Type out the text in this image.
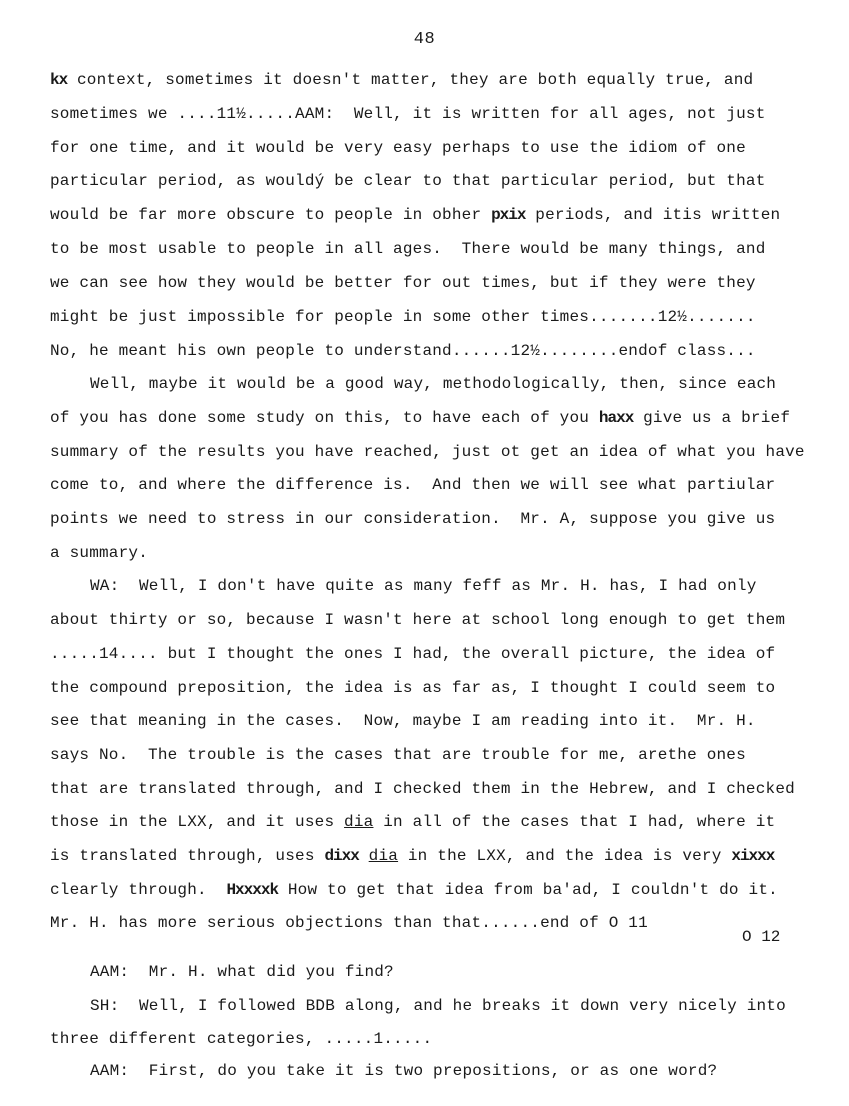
48
kx context, sometimes it doesn't matter, they are both equally true, and
sometimes we ....11½.....AAM:  Well, it is written for all ages, not just
for one time, and it would be very easy perhaps to use the idiom of one
particular period, as wouldý be clear to that particular period, but that
would be far more obscure to people in obher pxix periods, and itis written
to be most usable to people in all ages.  There would be many things, and
we can see how they would be better for out times, but if they were they
might be just impossible for people in some other times.......12½.......
No, he meant his own people to understand......12½........endof class...
Well, maybe it would be a good way, methodologically, then, since each
of you has done some study on this, to have each of you haxx give us a brief
summary of the results you have reached, just ot get an idea of what you have
come to, and where the difference is.  And then we will see what partiular
points we need to stress in our consideration.  Mr. A, suppose you give us
a summary.
WA:  Well, I don't have quite as many feff as Mr. H. has, I had only
about thirty or so, because I wasn't here at school long enough to get them
.....14.... but I thought the ones I had, the overall picture, the idea of
the compound preposition, the idea is as far as, I thought I could seem to
see that meaning in the cases.  Now, maybe I am reading into it.  Mr. H.
says No.  The trouble is the cases that are trouble for me, arethe ones
that are translated through, and I checked them in the Hebrew, and I checked
those in the LXX, and it uses dia in all of the cases that I had, where it
is translated through, uses dixx dia in the LXX, and the idea is very xixxx
clearly through.  Hxxxxk How to get that idea from ba'ad, I couldn't do it.
Mr. H. has more serious objections than that......end of O 11
AAM:  Mr. H. what did you find?
SH:  Well, I followed BDB along, and he breaks it down very nicely into
three different categories, .....1.....
AAM:  First, do you take it is two prepositions, or as one word?
O 12
